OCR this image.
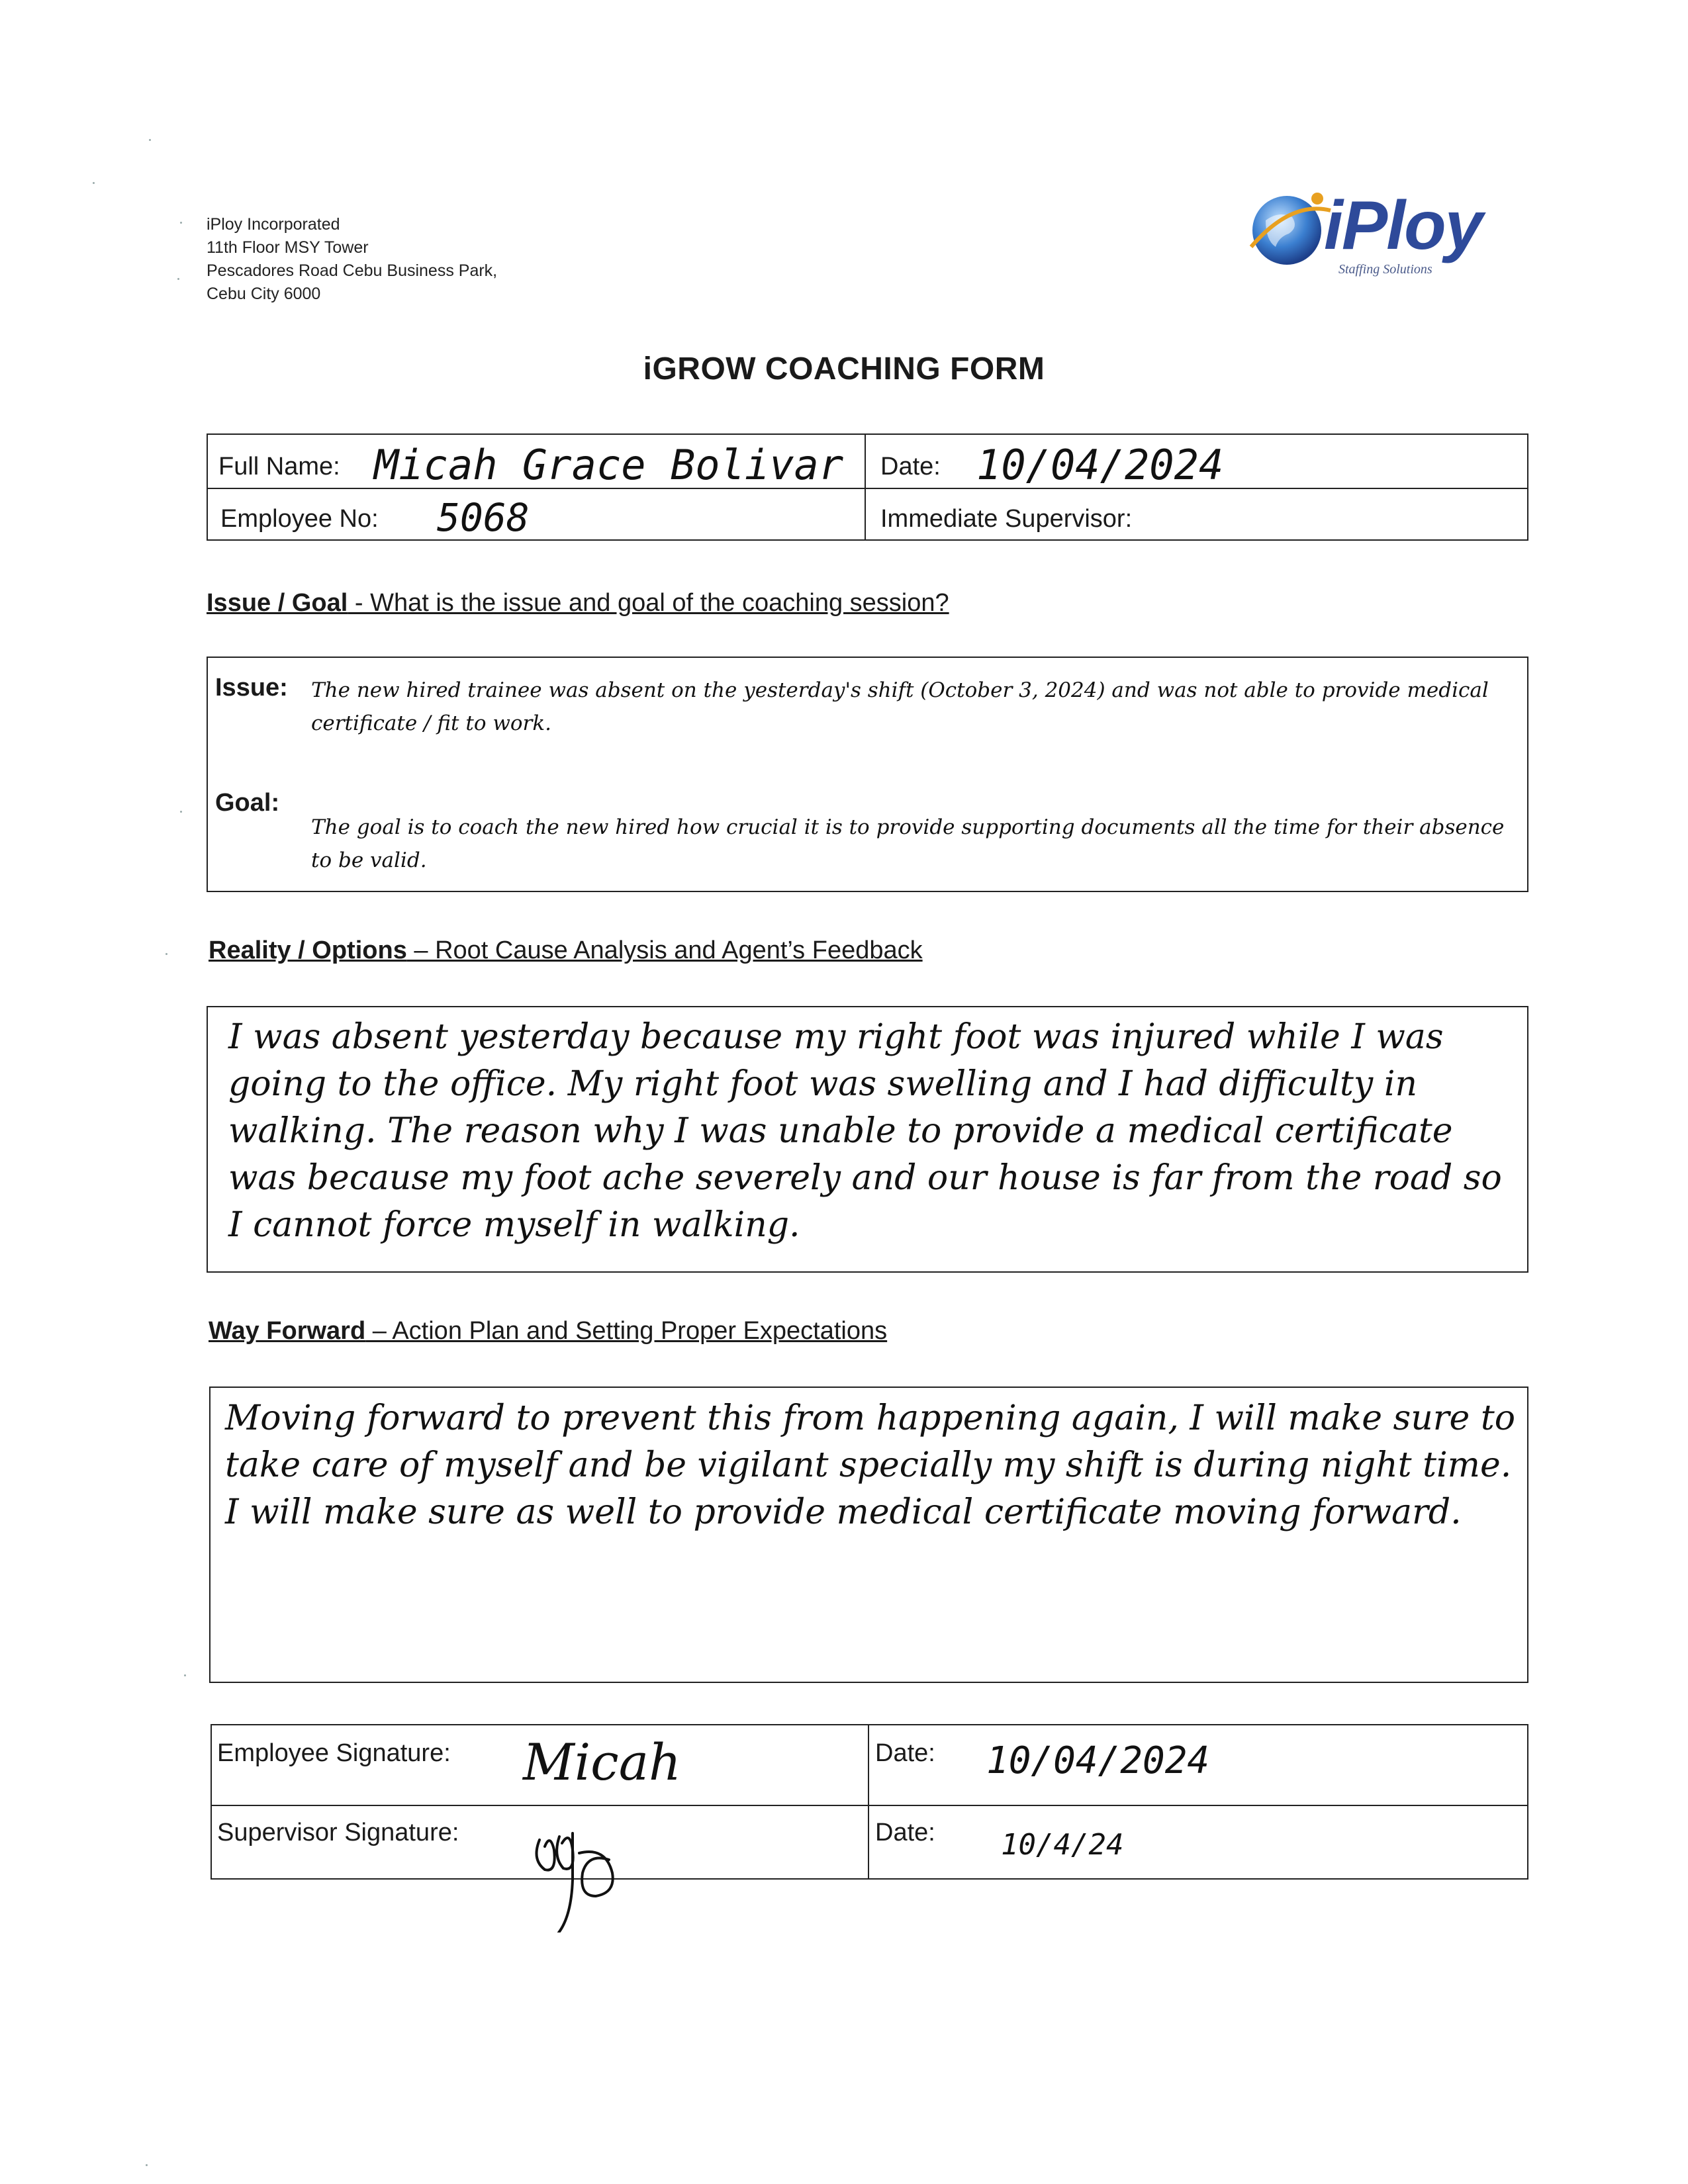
iPloy Incorporated
11th Floor MSY Tower
Pescadores Road Cebu Business Park,
Cebu City 6000
iPloy
Staffing Solutions
iGROW COACHING FORM
Full Name: Micah Grace Bolivar Date: 10/04/2024
Employee No: 5068	Immediate Supervisor:
Issue / Goal - What is the issue and goal of the coaching session?
Issue: The new hired trainee was absent on the yesterday's shift (October 3, 2024) and was not able to provide medical certificate / fit to work.
Goal:
The goal is to coach the new hired how crucial it is to provide supporting documents all the time for their absence to be valid.
Reality / Options – Root Cause Analysis and Agent’s Feedback
I was absent yesterday because my right foot was injured while I was going to the office. My right foot was swelling and I had difficulty in walking. The reason why I was unable to provide a medical certificate was because my foot ache severely and our house is far from the road so I cannot force myself in walking.
Way Forward – Action Plan and Setting Proper Expectations
Moving forward to prevent this from happening again, I will make sure to take care of myself and be vigilant specially my shift is during night time. I will make sure as well to provide medical certificate moving forward.
Employee Signature: Micah	Date: 10/04/2024
Supervisor Signature:	Date: 10/4/24
